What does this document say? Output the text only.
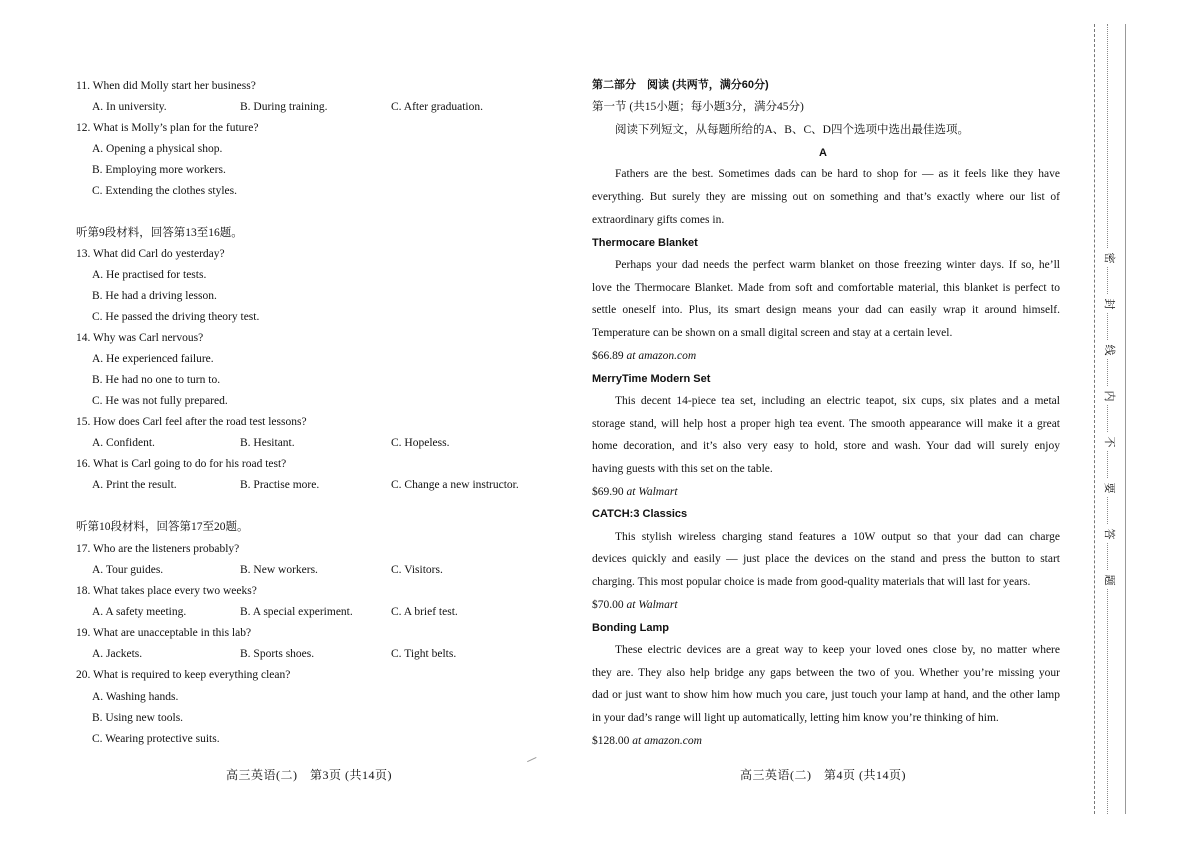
11. When did Molly start her business?
A. In university.	B. During training.	C. After graduation.
12. What is Molly’s plan for the future?
A. Opening a physical shop.
B. Employing more workers.
C. Extending the clothes styles.
听第9段材料，回答第13至16题。
13. What did Carl do yesterday?
A. He practised for tests.
B. He had a driving lesson.
C. He passed the driving theory test.
14. Why was Carl nervous?
A. He experienced failure.
B. He had no one to turn to.
C. He was not fully prepared.
15. How does Carl feel after the road test lessons?
A. Confident.	B. Hesitant.	C. Hopeless.
16. What is Carl going to do for his road test?
A. Print the result.	B. Practise more.	C. Change a new instructor.
听第10段材料，回答第17至20题。
17. Who are the listeners probably?
A. Tour guides.	B. New workers.	C. Visitors.
18. What takes place every two weeks?
A. A safety meeting.	B. A special experiment.	C. A brief test.
19. What are unacceptable in this lab?
A. Jackets.	B. Sports shoes.	C. Tight belts.
20. What is required to keep everything clean?
A. Washing hands.
B. Using new tools.
C. Wearing protective suits.
高三英语(二)　第3页 (共14页)
第二部分　阅读 (共两节，满分60分)
第一节 (共15小题；每小题3分，满分45分)
阅读下列短文，从每题所给的A、B、C、D四个选项中选出最佳选项。
A
Fathers are the best. Sometimes dads can be hard to shop for — as it feels like they have
everything. But surely they are missing out on something and that’s exactly where our list of
extraordinary gifts comes in.
Thermocare Blanket
Perhaps your dad needs the perfect warm blanket on those freezing winter days. If so, he’ll
love the Thermocare Blanket. Made from soft and comfortable material, this blanket is perfect to
settle oneself into. Plus, its smart design means your dad can easily wrap it around himself.
Temperature can be shown on a small digital screen and stay at a certain level.
$66.89 at amazon.com
MerryTime Modern Set
This decent 14-piece tea set, including an electric teapot, six cups, six plates and a metal
storage stand, will help host a proper high tea event. The smooth appearance will make it a great
home decoration, and it’s also very easy to hold, store and wash. Your dad will surely enjoy
having guests with this set on the table.
$69.90 at Walmart
CATCH:3 Classics
This stylish wireless charging stand features a 10W output so that your dad can charge
devices quickly and easily — just place the devices on the stand and press the button to start
charging. This most popular choice is made from good-quality materials that will last for years.
$70.00 at Walmart
Bonding Lamp
These electric devices are a great way to keep your loved ones close by, no matter where
they are. They also help bridge any gaps between the two of you. Whether you’re missing your
dad or just want to show him how much you care, just touch your lamp at hand, and the other lamp
in your dad’s range will light up automatically, letting him know you’re thinking of him.
$128.00 at amazon.com
高三英语(二)　第4页 (共14页)
密
封
线
内
不
要
答
题
